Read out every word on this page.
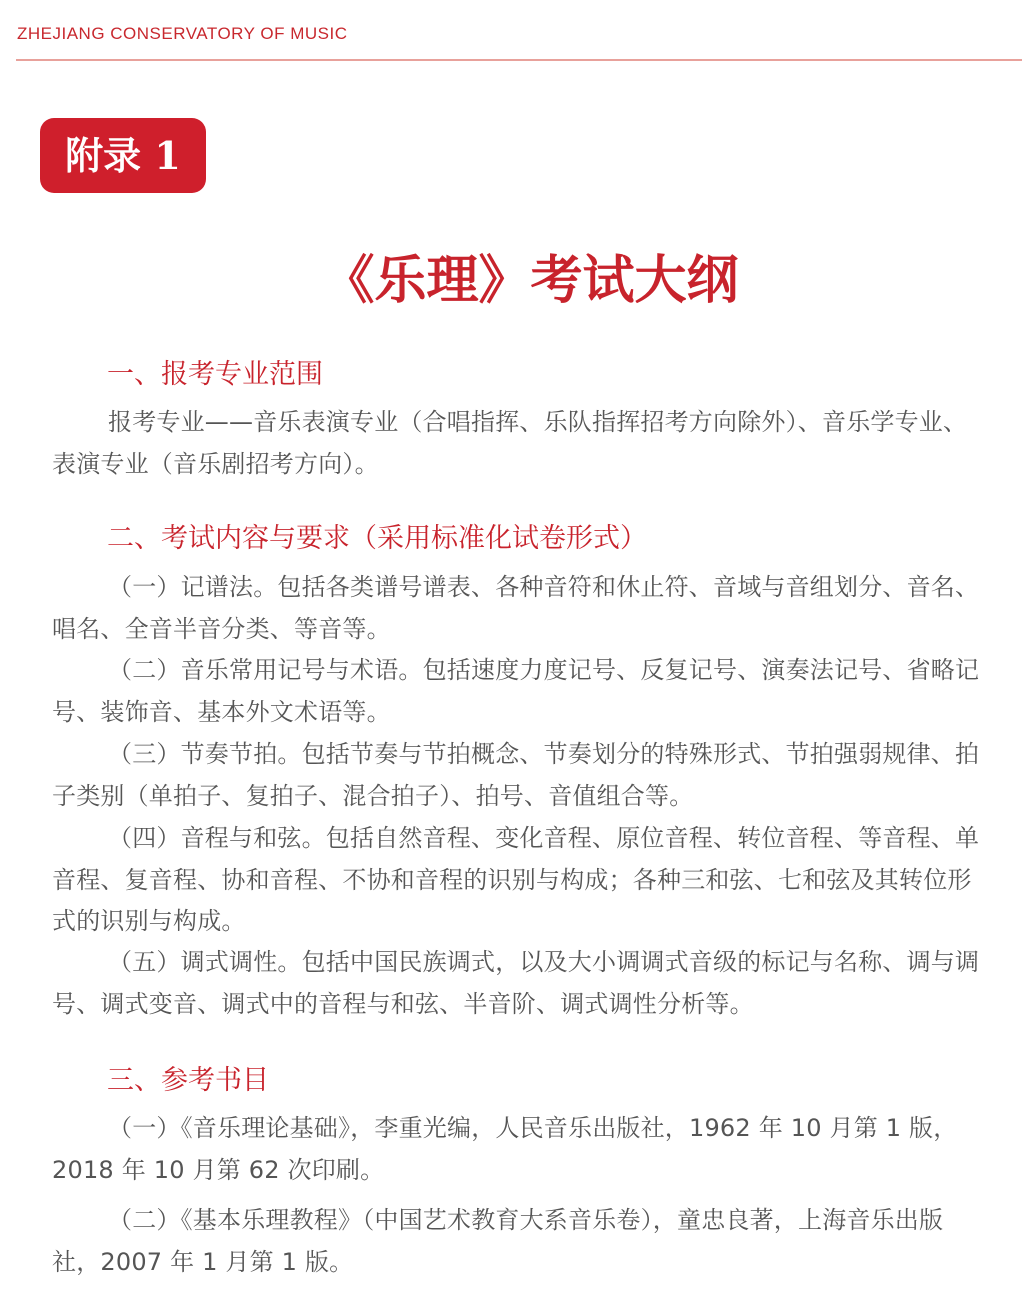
ZHEJIANG CONSERVATORY OF MUSIC
附录 1
《乐理》考试大纲
一、报考专业范围
报考专业——音乐表演专业（合唱指挥、乐队指挥招考方向除外）、音乐学专业、表演专业（音乐剧招考方向）。
二、考试内容与要求（采用标准化试卷形式）
（一）记谱法。包括各类谱号谱表、各种音符和休止符、音域与音组划分、音名、唱名、全音半音分类、等音等。
（二）音乐常用记号与术语。包括速度力度记号、反复记号、演奏法记号、省略记号、装饰音、基本外文术语等。
（三）节奏节拍。包括节奏与节拍概念、节奏划分的特殊形式、节拍强弱规律、拍子类别（单拍子、复拍子、混合拍子）、拍号、音值组合等。
（四）音程与和弦。包括自然音程、变化音程、原位音程、转位音程、等音程、单音程、复音程、协和音程、不协和音程的识别与构成；各种三和弦、七和弦及其转位形式的识别与构成。
（五）调式调性。包括中国民族调式，以及大小调调式音级的标记与名称、调与调号、调式变音、调式中的音程与和弦、半音阶、调式调性分析等。
三、参考书目
（一）《音乐理论基础》，李重光编，人民音乐出版社，1962 年 10 月第 1 版，2018 年 10 月第 62 次印刷。
（二）《基本乐理教程》（中国艺术教育大系音乐卷），童忠良著，上海音乐出版社，2007 年 1 月第 1 版。
